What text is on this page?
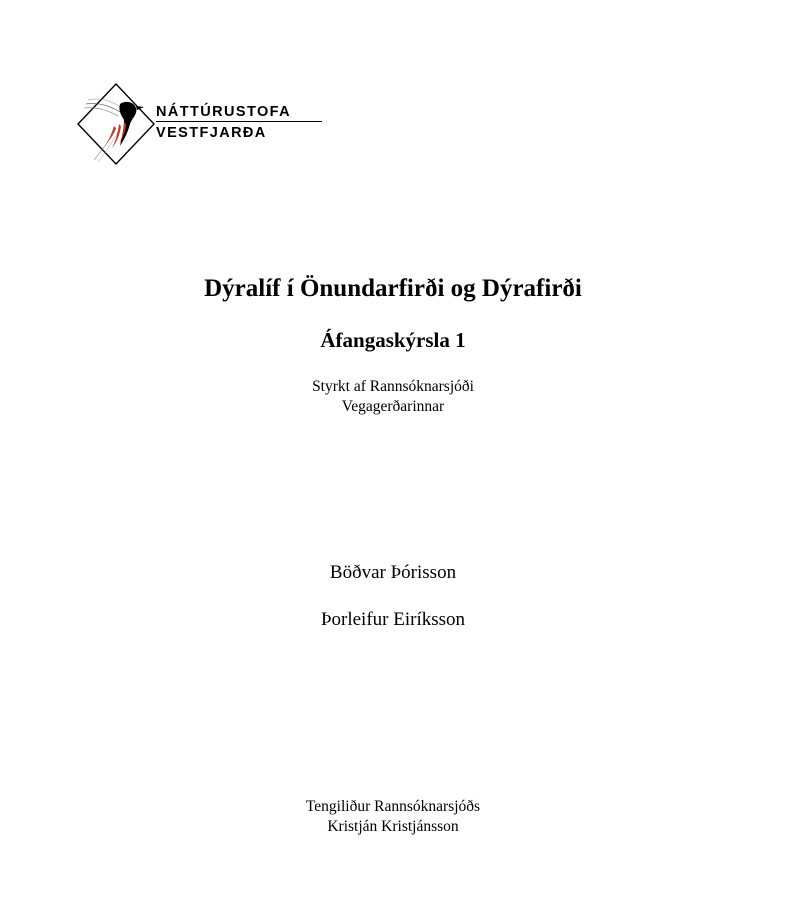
NÁTTÚRUSTOFA
VESTFJARÐA
Dýralíf í Önundarfirði og Dýrafirði
Áfangaskýrsla 1
Styrkt af Rannsóknarsjóði
Vegagerðarinnar
Böðvar Þórisson
Þorleifur Eiríksson
Tengiliður Rannsóknarsjóðs
Kristján Kristjánsson
